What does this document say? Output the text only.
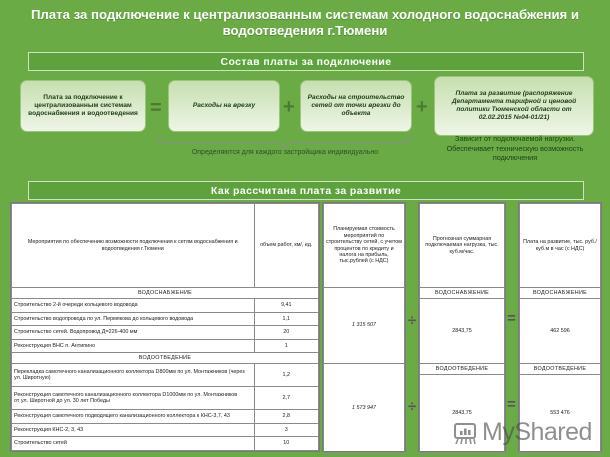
Плата за подключение к централизованным системам холодного водоснабжения и водоотведения г.Тюмени
Состав платы за подключение
Плата за подключение к централизованным системам водоснабжения и водоотведения =	Расходы на врезку +	Расходы на строительство сетей от точки врезки до объекта	+
Плата за развитие (распоряжение Департамента тарифной и ценовой политики Тюменской области от 02.02.2015 №04-01/21)
Определяются для каждого застройщика индивидуально
Зависит от подключаемой нагрузки.
Обеспечивает техническую возможность подключения
Как рассчитана плата за развитие
Мероприятия по обеспечению возможности подключения к сетям водоснабжения и водоотведения г.Тюмени	объем работ, км/, ед.
ВОДОСНАБЖЕНИЕ	
Строительство 2-й очереди кольцевого водовода	9,41
Строительство водопровода по ул. Пермякова до кольцевого водовода	1,1
Строительство сетей. Водопровод Д=226-400 мм	20
Реконструкция ВНС п. Антипино	1
ВОДООТВЕДЕНИЕ	
Перекладка самотечного канализационного коллектора D800мм по ул. Монтажников (через ул. Широтную)	1,2

Реконструкция самотечного канализационного коллектора D1000мм по ул. Монтажников
от ул. Широтной до ул. 30 лет Победы	2,7
Реконструкция самотечного подводящего канализационного коллектора к КНС-3,7, 43	2,8
Реконструкция КНС-2, 3, 43	3
Строительство сетей	10
Планируемая стоимость мероприятий по строительству сетей, с учетом процентов по кредиту и налога на прибыль, тыс.рублей (с НДС)
1 315 507
1 573 947
÷
÷
Прогнозная суммарная подключаемая нагрузка, тыс. куб.м/час.
ВОДОСНАБЖЕНИЕ
2843,75
ВОДООТВЕДЕНИЕ
2843,75
=
=
Плата на развитие, тыс. руб./куб.м в час (с НДС)
ВОДОСНАБЖЕНИЕ
462 596
ВОДООТВЕДЕНИЕ
553 476
MyShared
